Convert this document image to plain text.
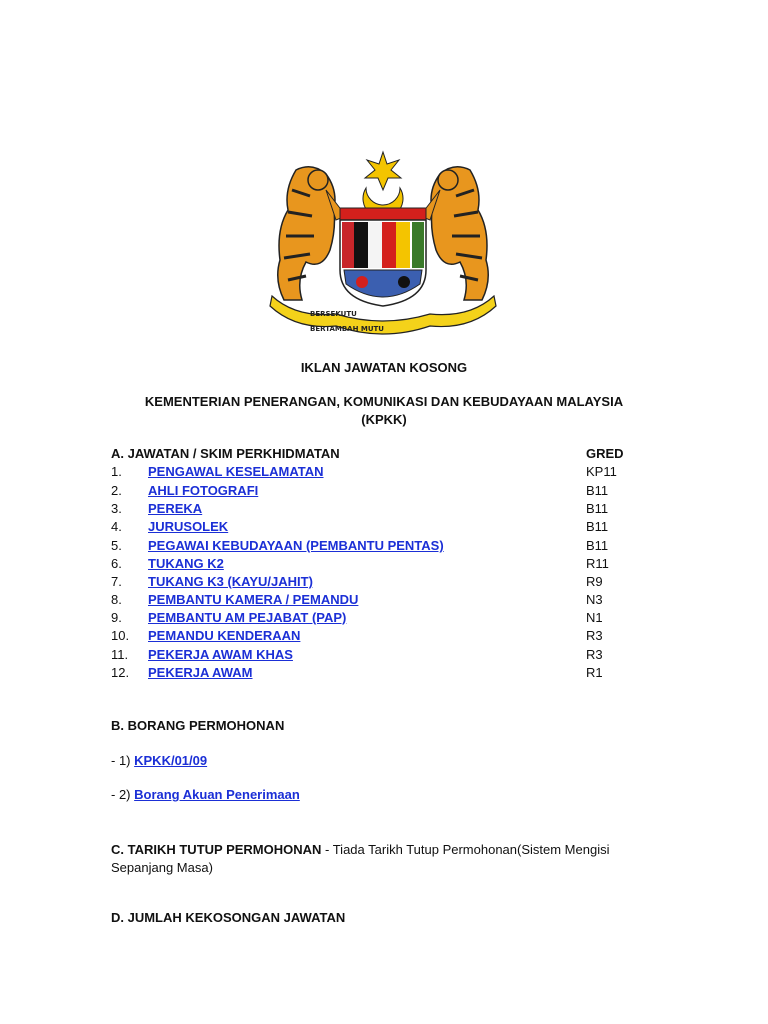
BERSEKUTU
BERTAMBAH MUTU
IKLAN JAWATAN KOSONG
KEMENTERIAN PENERANGAN, KOMUNIKASI DAN KEBUDAYAAN MALAYSIA
(KPKK)
A. JAWATAN / SKIM PERKHIDMATAN	GRED
1. PENGAWAL KESELAMATAN	KP11
2. AHLI FOTOGRAFI	B11
3. PEREKA	B11
4. JURUSOLEK	B11
5. PEGAWAI KEBUDAYAAN (PEMBANTU PENTAS)	B11
6. TUKANG K2	R11
7. TUKANG K3 (KAYU/JAHIT)	R9
8. PEMBANTU KAMERA / PEMANDU	N3
9. PEMBANTU AM PEJABAT (PAP)	N1
10. PEMANDU KENDERAAN	R3
11. PEKERJA AWAM KHAS	R3
12. PEKERJA AWAM	R1
B. BORANG PERMOHONAN
- 1) KPKK/01/09
- 2) Borang Akuan Penerimaan
C. TARIKH TUTUP PERMOHONAN - Tiada Tarikh Tutup Permohonan(Sistem Mengisi Sepanjang Masa)
D. JUMLAH KEKOSONGAN JAWATAN
